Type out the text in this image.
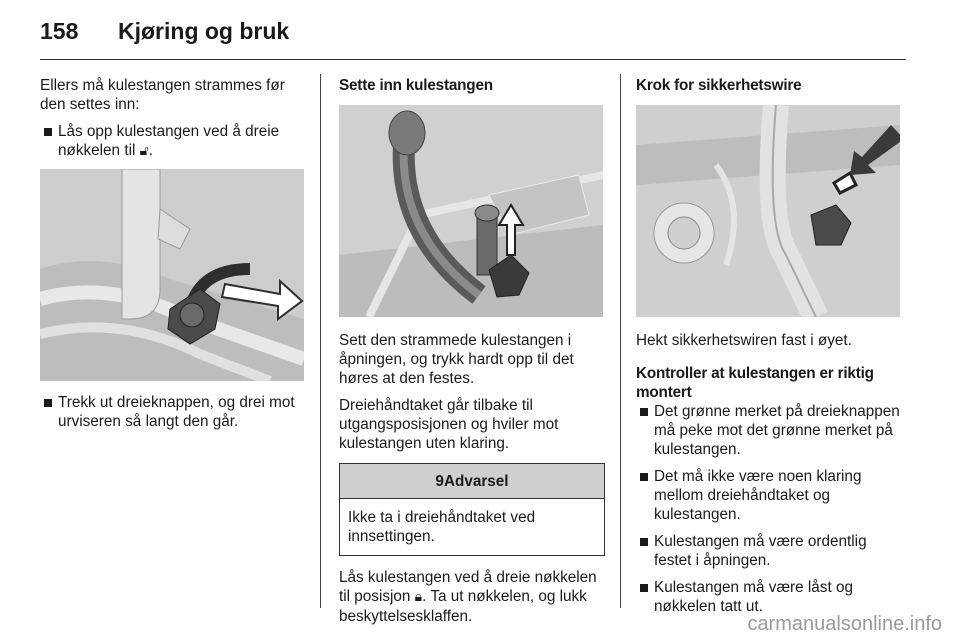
158 Kjøring og bruk

Ellers må kulestangen strammes før den settes inn:

Lås opp kulestangen ved å dreie nøkkelen til 🔓︎.
Trekk ut dreieknappen, og drei mot urviseren så langt den går.
Sette inn kulestangen

Sett den strammede kulestangen i åpningen, og trykk hardt opp til det høres at den festes.

Dreiehåndtaket går tilbake til utgangsposisjonen og hviler mot kulestangen uten klaring.

9Advarsel
Ikke ta i dreiehåndtaket ved innsettingen.

Lås kulestangen ved å dreie nøkkelen til posisjon 🔒︎. Ta ut nøkkelen, og lukk beskyttelsesklaffen.

Krok for sikkerhetswire

Hekt sikkerhetswiren fast i øyet.

Kontroller at kulestangen er riktig montert
Det grønne merket på dreieknappen må peke mot det grønne merket på kulestangen.
Det må ikke være noen klaring mellom dreiehåndtaket og kulestangen.
Kulestangen må være ordentlig festet i åpningen.
Kulestangen må være låst og nøkkelen tatt ut.
carmanualsonline.info
